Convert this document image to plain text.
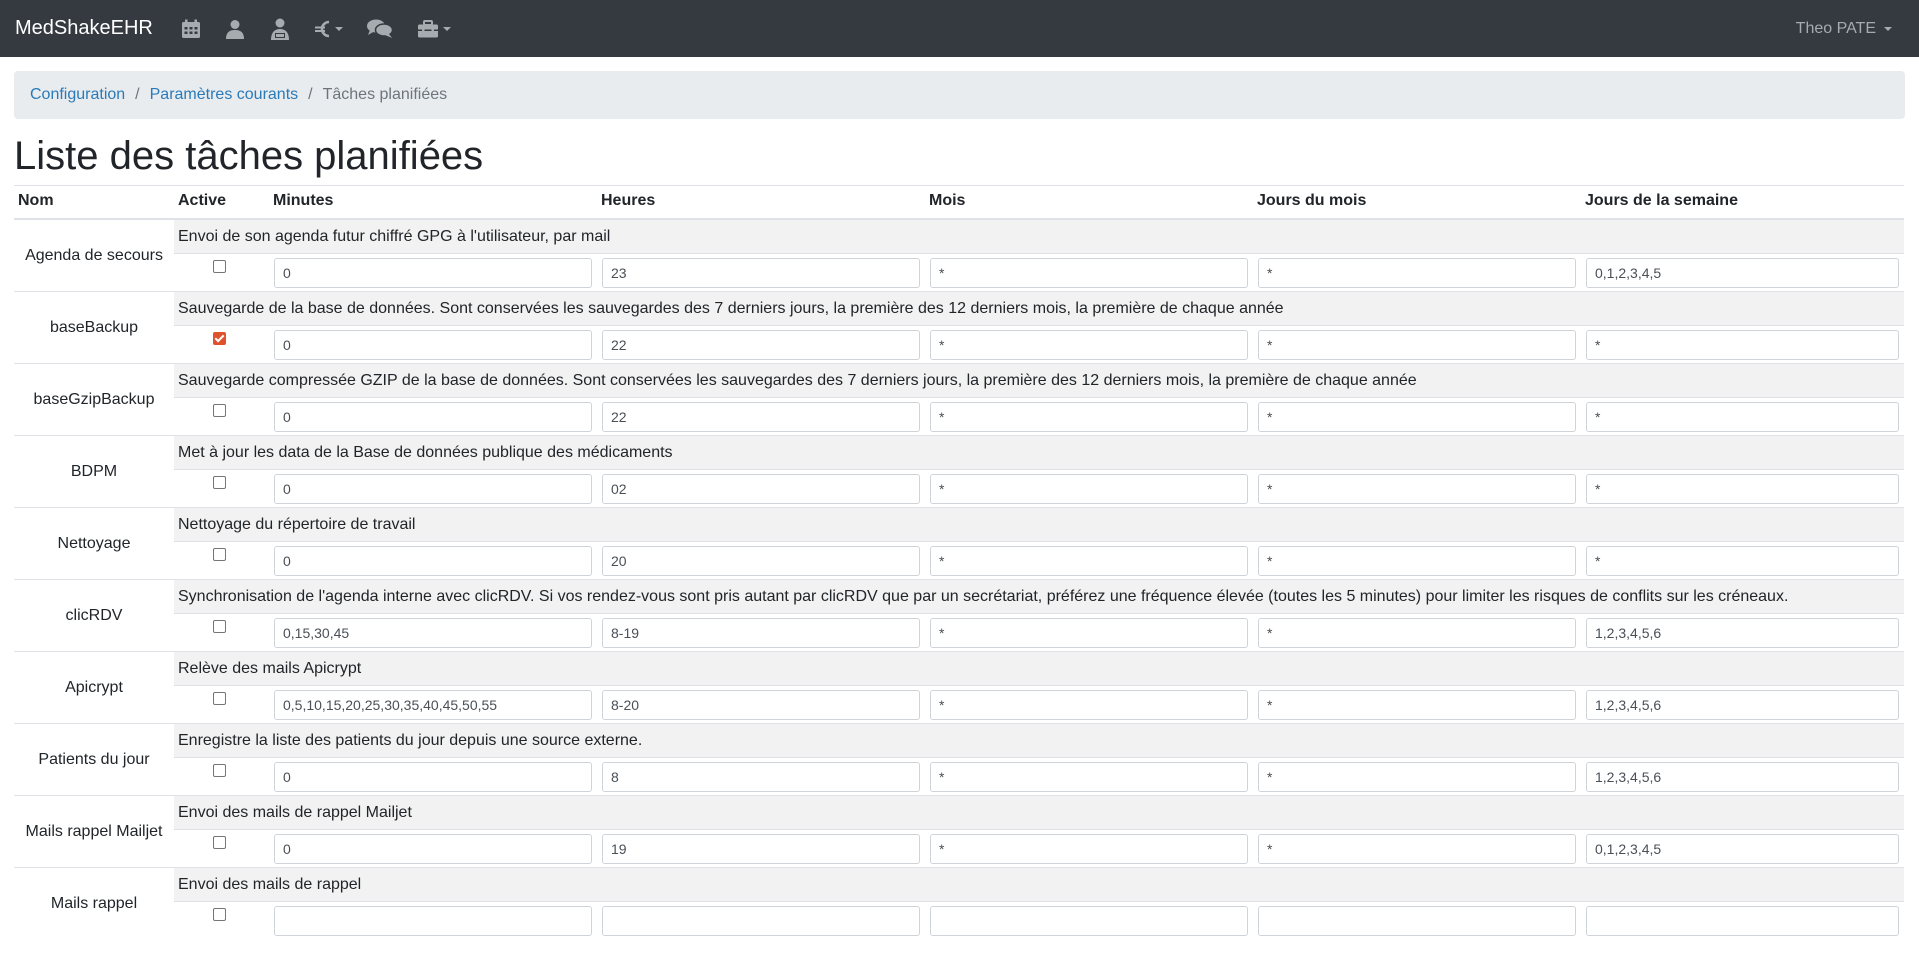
MedShakeEHR	Theo PATE
Configuration / Paramètres courants / Tâches planifiées
Liste des tâches planifiées
Nom	Active	Minutes	Heures	Mois	Jours du mois	Jours de la semaine
Agenda de secours	Envoi de son agenda futur chiffré GPG à l'utilisateur, par mail					
	0	23	*	*	0,1,2,3,4,5
baseBackup	Sauvegarde de la base de données. Sont conservées les sauvegardes des 7 derniers jours, la première des 12 derniers mois, la première de chaque année					
	0	22	*	*	*
baseGzipBackup	Sauvegarde compressée GZIP de la base de données. Sont conservées les sauvegardes des 7 derniers jours, la première des 12 derniers mois, la première de chaque année					
	0	22	*	*	*
BDPM	Met à jour les data de la Base de données publique des médicaments					
	0	02	*	*	*
Nettoyage	Nettoyage du répertoire de travail					
	0	20	*	*	*
clicRDV	Synchronisation de l'agenda interne avec clicRDV. Si vos rendez-vous sont pris autant par clicRDV que par un secrétariat, préférez une fréquence élevée (toutes les 5 minutes) pour limiter les risques de conflits sur les créneaux.					
	0,15,30,45	8-19	*	*	1,2,3,4,5,6
Apicrypt	Relève des mails Apicrypt					
	0,5,10,15,20,25,30,35,40,45,50,55	8-20	*	*	1,2,3,4,5,6
Patients du jour	Enregistre la liste des patients du jour depuis une source externe.					
	0	8	*	*	1,2,3,4,5,6
Mails rappel Mailjet	Envoi des mails de rappel Mailjet					
	0	19	*	*	0,1,2,3,4,5
Mails rappel	Envoi des mails de rappel					
